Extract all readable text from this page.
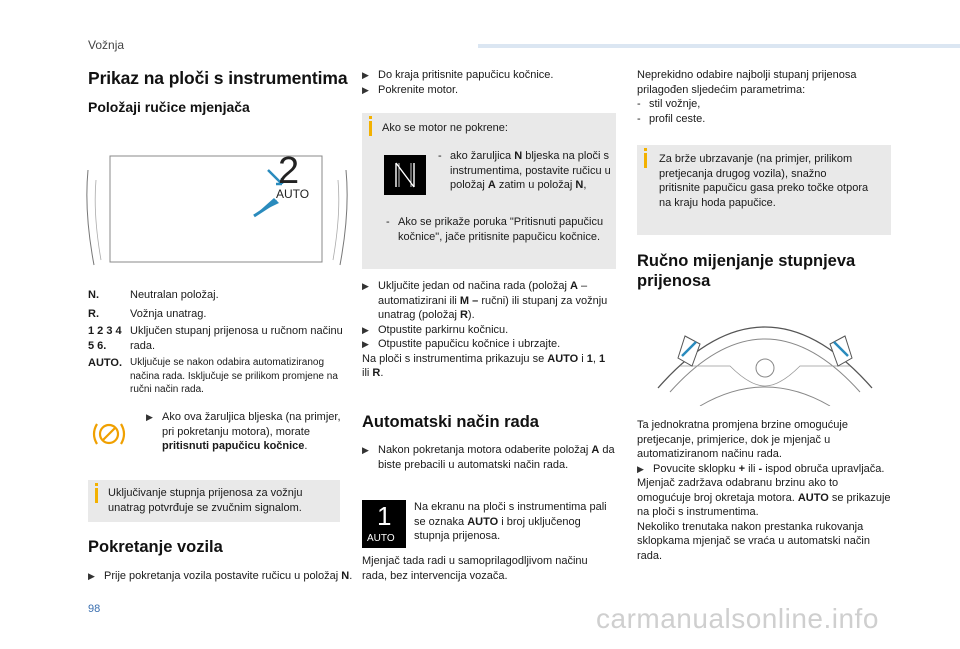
Vožnja
Prikaz na ploči s instrumentima
Položaji ručice mjenjača
2
AUTO
N.	Neutralan položaj.
R.	Vožnja unatrag.
1 2 3 4 5 6.
Uključen stupanj prijenosa u ručnom načinu rada.
AUTO. Uključuje se nakon odabira automatiziranog načina rada. Isključuje se prilikom promjene na ručni način rada.
▶ Ako ova žaruljica bljeska (na primjer, pri pokretanju motora), morate pritisnuti papučicu kočnice.

Uključivanje stupnja prijenosa za vožnju unatrag potvrđuje se zvučnim signalom.

Pokretanje vozila
▶ Prije pokretanja vozila postavite ručicu u položaj N.

▶ Do kraja pritisnite papučicu kočnice.

▶ Pokrenite motor.

Ako se motor ne pokrene:

- ako žaruljica N bljeska na ploči s instrumentima, postavite ručicu u položaj A zatim u položaj N,
- Ako se prikaže poruka "Pritisnuti papučicu kočnice", jače pritisnite papučicu kočnice.

▶ Uključite jedan od načina rada (položaj A – automatizirani ili M – ručni) ili stupanj za vožnju unatrag (položaj R).

▶ Otpustite parkirnu kočnicu.

▶ Otpustite papučicu kočnice i ubrzajte.

Na ploči s instrumentima prikazuju se AUTO i 1, 1 ili R.

Automatski način rada
▶ Nakon pokretanja motora odaberite položaj A da biste prebacili u automatski način rada.
1
AUTO
Na ekranu na ploči s instrumentima pali se oznaka AUTO i broj uključenog stupnja prijenosa.

Mjenjač tada radi u samoprilagodljivom načinu rada, bez intervencija vozača.

Neprekidno odabire najbolji stupanj prijenosa prilagođen sljedećim parametrima:

- stil vožnje,

- profil ceste.

Za brže ubrzavanje (na primjer, prilikom pretjecanja drugog vozila), snažno pritisnite papučicu gasa preko točke otpora na kraju hoda papučice.

Ručno mijenjanje stupnjeva prijenosa

Ta jednokratna promjena brzine omogućuje pretjecanje, primjerice, dok je mjenjač u automatiziranom načinu rada.

▶ Povucite sklopku + ili - ispod obruča upravljača.

Mjenjač zadržava odabranu brzinu ako to omogućuje broj okretaja motora. AUTO se prikazuje na ploči s instrumentima.

Nekoliko trenutaka nakon prestanka rukovanja sklopkama mjenjač se vraća u automatski način rada.

98	carmanualsonline.info
